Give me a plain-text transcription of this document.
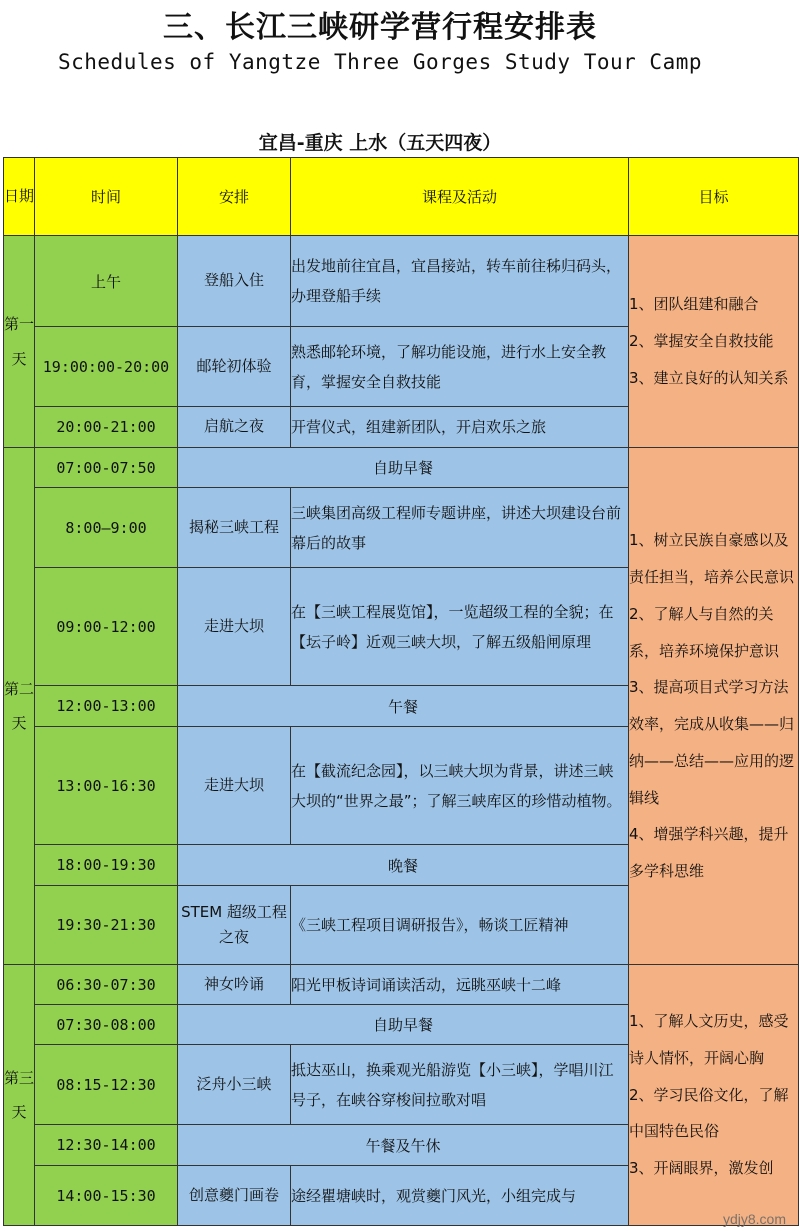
三、长江三峡研学营行程安排表
Schedules of Yangtze Three Gorges Study Tour Camp
宜昌-重庆 上水（五天四夜）
日期	时间	安排	课程及活动	目标

第一天	上午	登船入住	出发地前往宜昌，宜昌接站，转车前往秭归码头，办理登船手续	1、团队组建和融合
2、掌握安全自救技能
3、建立良好的认知关系

	19:00:00-20:00	邮轮初体验	熟悉邮轮环境，了解功能设施，进行水上安全教育，掌握安全自救技能	
	20:00-21:00	启航之夜	开营仪式，组建新团队，开启欢乐之旅	

第二天	07:00-07:50	自助早餐		1、树立民族自豪感以及责任担当，培养公民意识
2、了解人与自然的关系，培养环境保护意识
3、提高项目式学习方法效率，完成从收集——归纳——总结——应用的逻辑线
4、增强学科兴趣，提升多学科思维

	8:00—9:00	揭秘三峡工程	三峡集团高级工程师专题讲座，讲述大坝建设台前幕后的故事	
	09:00-12:00	走进大坝	在【三峡工程展览馆】，一览超级工程的全貌；在【坛子岭】近观三峡大坝，了解五级船闸原理	
	12:00-13:00	午餐		
	13:00-16:30	走进大坝	在【截流纪念园】，以三峡大坝为背景，讲述三峡大坝的“世界之最”；了解三峡库区的珍惜动植物。	
	18:00-19:30	晚餐		
	19:30-21:30	STEM 超级工程之夜	《三峡工程项目调研报告》，畅谈工匠精神	

第三天	06:30-07:30	神女吟诵	阳光甲板诗词诵读活动，远眺巫峡十二峰	1、了解人文历史，感受诗人情怀，开阔心胸
2、学习民俗文化，了解中国特色民俗
3、开阔眼界，激发创

	07:30-08:00	自助早餐		
	08:15-12:30	泛舟小三峡	抵达巫山，换乘观光船游览【小三峡】，学唱川江号子，在峡谷穿梭间拉歌对唱	
	12:30-14:00	午餐及午休		
	14:00-15:30	创意夔门画卷	途经瞿塘峡时，观赏夔门风光，小组完成与	
ydjy8.com
